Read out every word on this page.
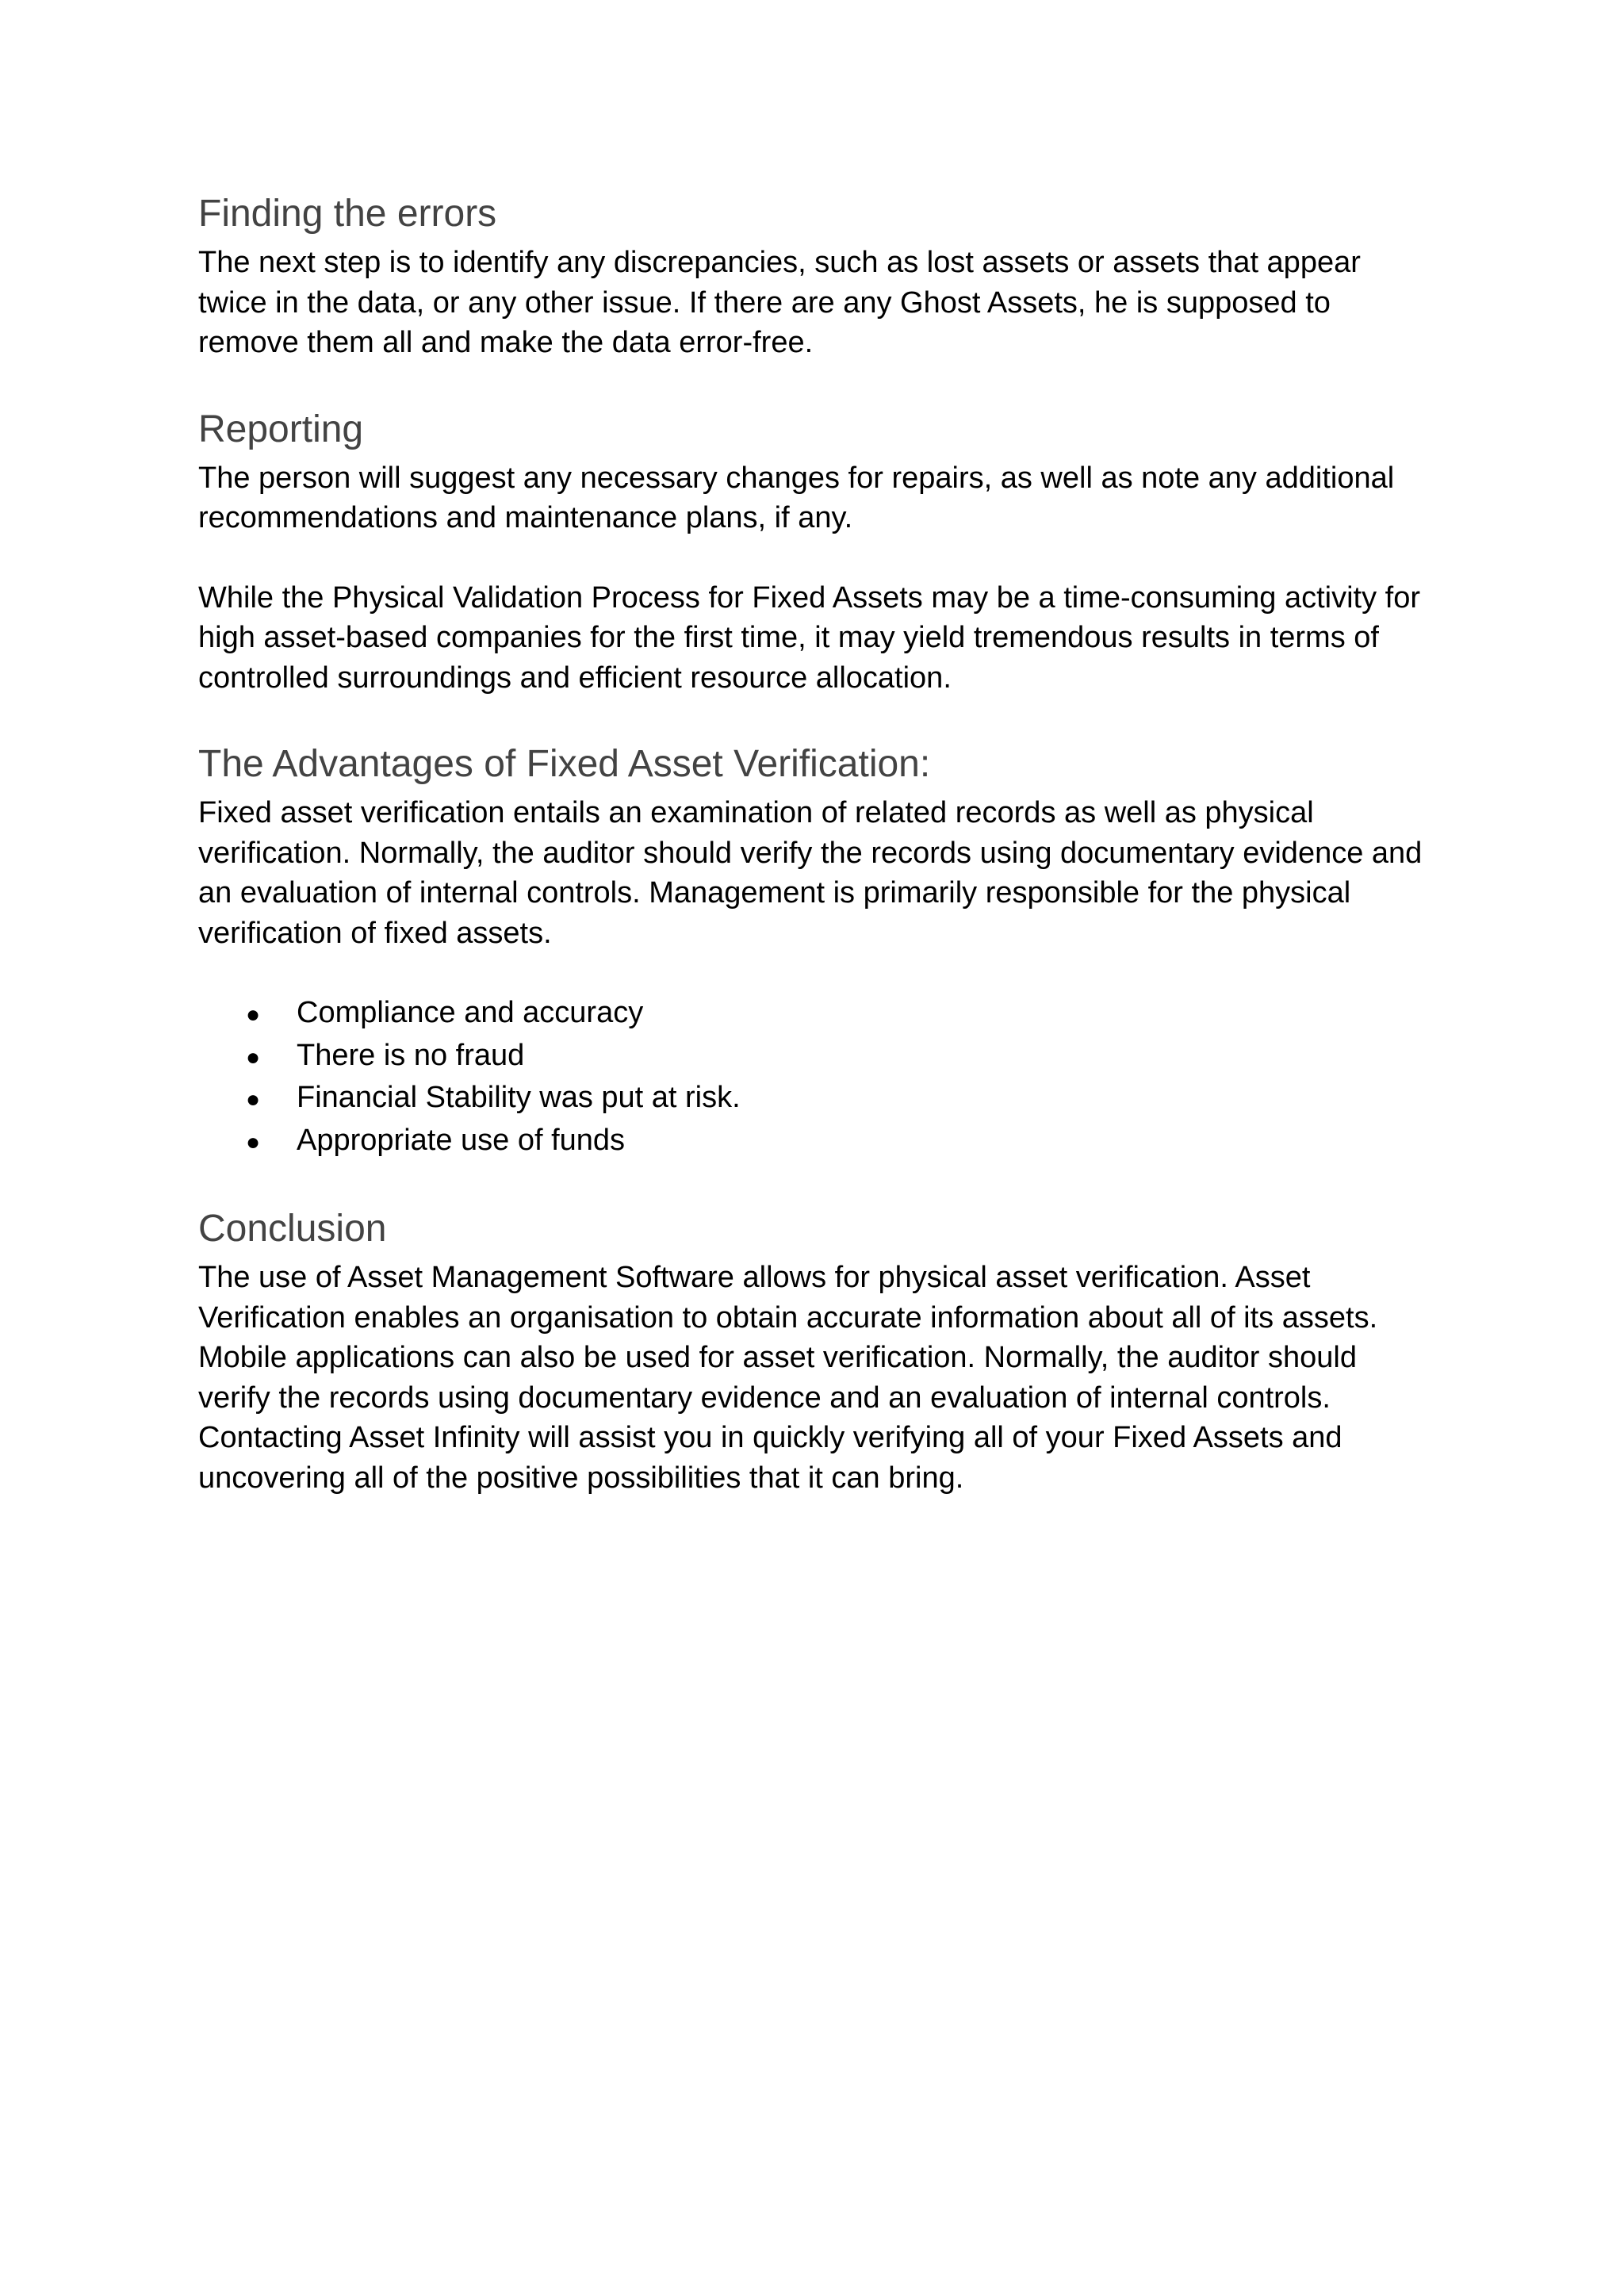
Finding the errors

The next step is to identify any discrepancies, such as lost assets or assets that appear
twice in the data, or any other issue. If there are any Ghost Assets, he is supposed to
remove them all and make the data error-free.

Reporting

The person will suggest any necessary changes for repairs, as well as note any additional
recommendations and maintenance plans, if any.

While the Physical Validation Process for Fixed Assets may be a time-consuming activity for
high asset-based companies for the first time, it may yield tremendous results in terms of
controlled surroundings and efficient resource allocation.

The Advantages of Fixed Asset Verification:

Fixed asset verification entails an examination of related records as well as physical
verification. Normally, the auditor should verify the records using documentary evidence and
an evaluation of internal controls. Management is primarily responsible for the physical
verification of fixed assets.

●	Compliance and accuracy
●	There is no fraud
●	Financial Stability was put at risk.
●	Appropriate use of funds
Conclusion

The use of Asset Management Software allows for physical asset verification. Asset
Verification enables an organisation to obtain accurate information about all of its assets.
Mobile applications can also be used for asset verification. Normally, the auditor should
verify the records using documentary evidence and an evaluation of internal controls.
Contacting Asset Infinity will assist you in quickly verifying all of your Fixed Assets and
uncovering all of the positive possibilities that it can bring.
